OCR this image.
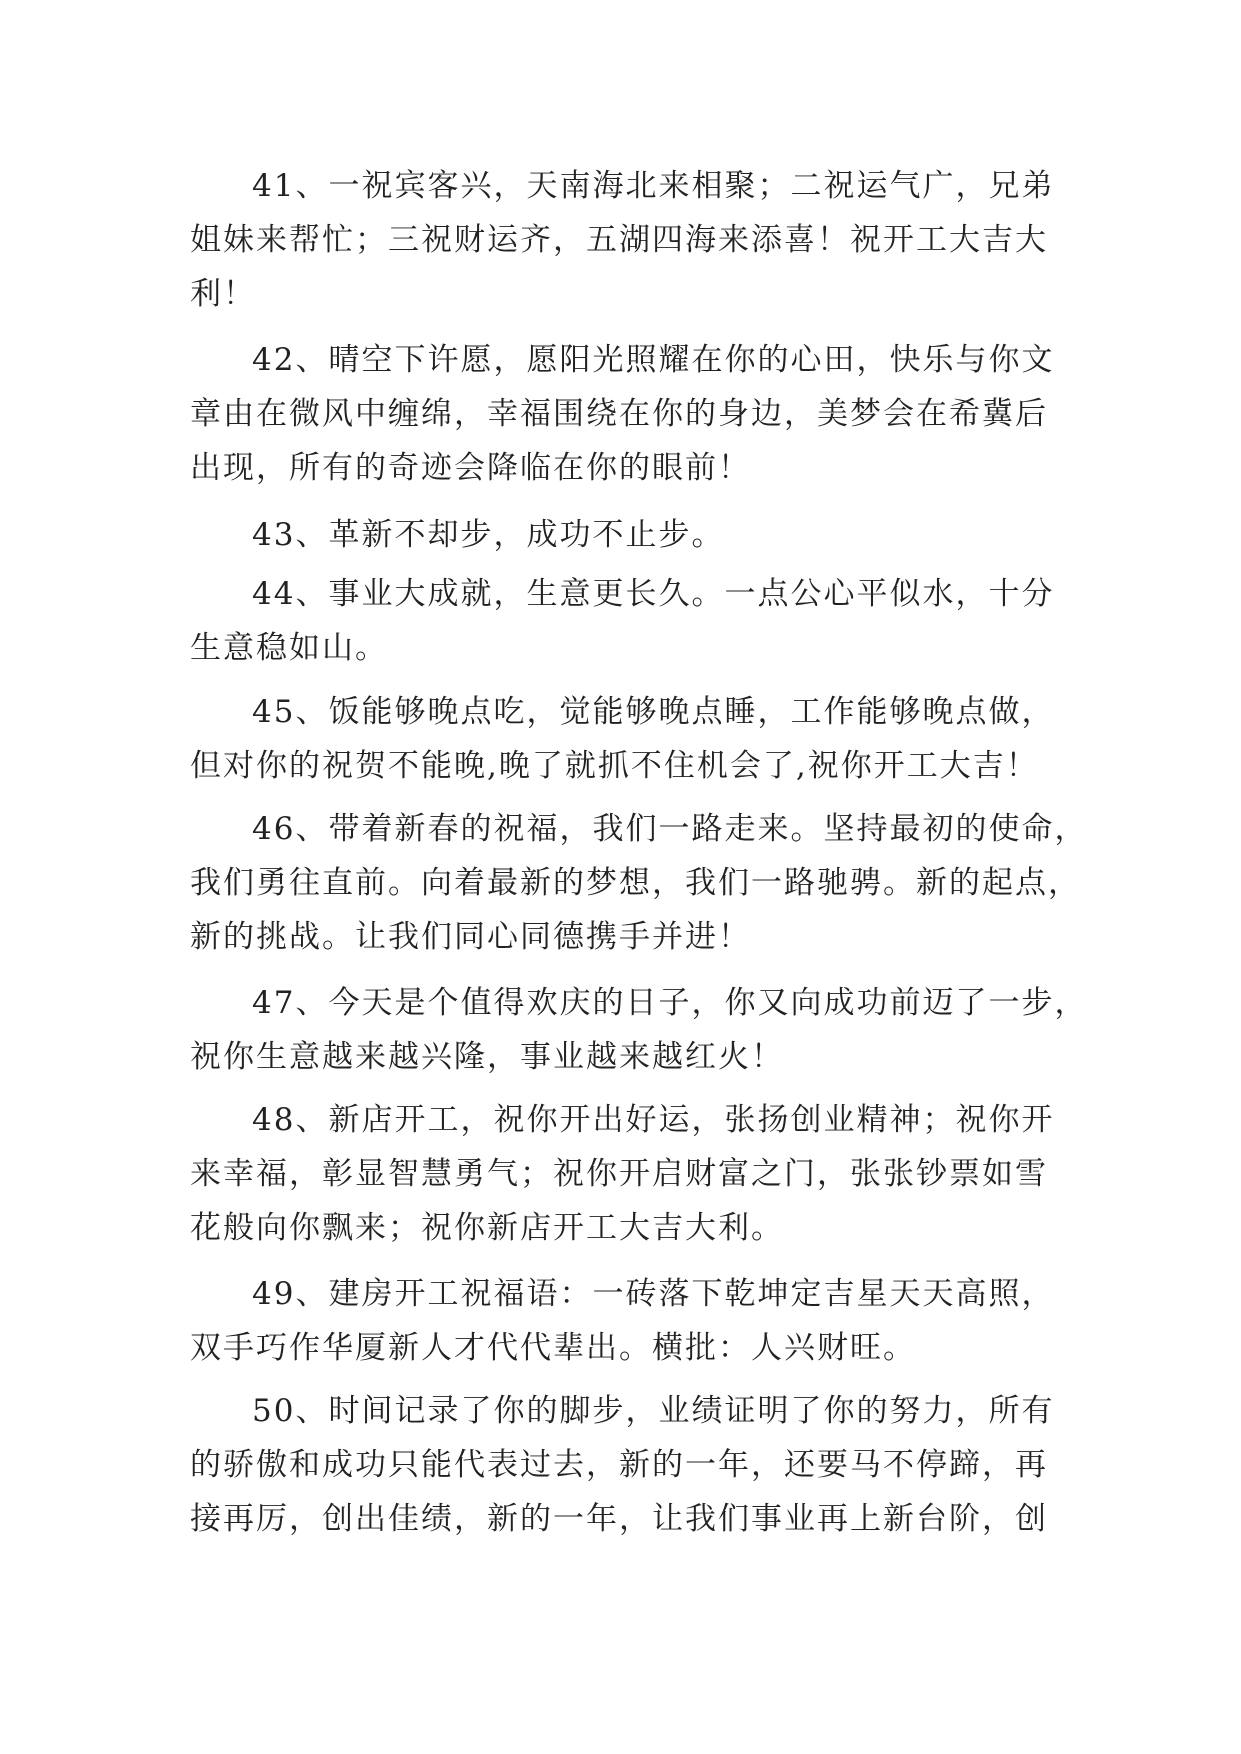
41、一祝宾客兴，天南海北来相聚；二祝运气广，兄弟
姐妹来帮忙；三祝财运齐，五湖四海来添喜！祝开工大吉大
利！
42、晴空下许愿，愿阳光照耀在你的心田，快乐与你文
章由在微风中缠绵，幸福围绕在你的身边，美梦会在希冀后
出现，所有的奇迹会降临在你的眼前！
43、革新不却步，成功不止步。
44、事业大成就，生意更长久。一点公心平似水，十分
生意稳如山。
45、饭能够晚点吃，觉能够晚点睡，工作能够晚点做，
但对你的祝贺不能晚,晚了就抓不住机会了,祝你开工大吉！
46、带着新春的祝福，我们一路走来。坚持最初的使命，
我们勇往直前。向着最新的梦想，我们一路驰骋。新的起点，
新的挑战。让我们同心同德携手并进！
47、今天是个值得欢庆的日子，你又向成功前迈了一步，
祝你生意越来越兴隆，事业越来越红火！
48、新店开工，祝你开出好运，张扬创业精神；祝你开
来幸福，彰显智慧勇气；祝你开启财富之门，张张钞票如雪
花般向你飘来；祝你新店开工大吉大利。
49、建房开工祝福语：一砖落下乾坤定吉星天天高照，
双手巧作华厦新人才代代辈出。横批：人兴财旺。
50、时间记录了你的脚步，业绩证明了你的努力，所有
的骄傲和成功只能代表过去，新的一年，还要马不停蹄，再
接再厉，创出佳绩，新的一年，让我们事业再上新台阶，创
